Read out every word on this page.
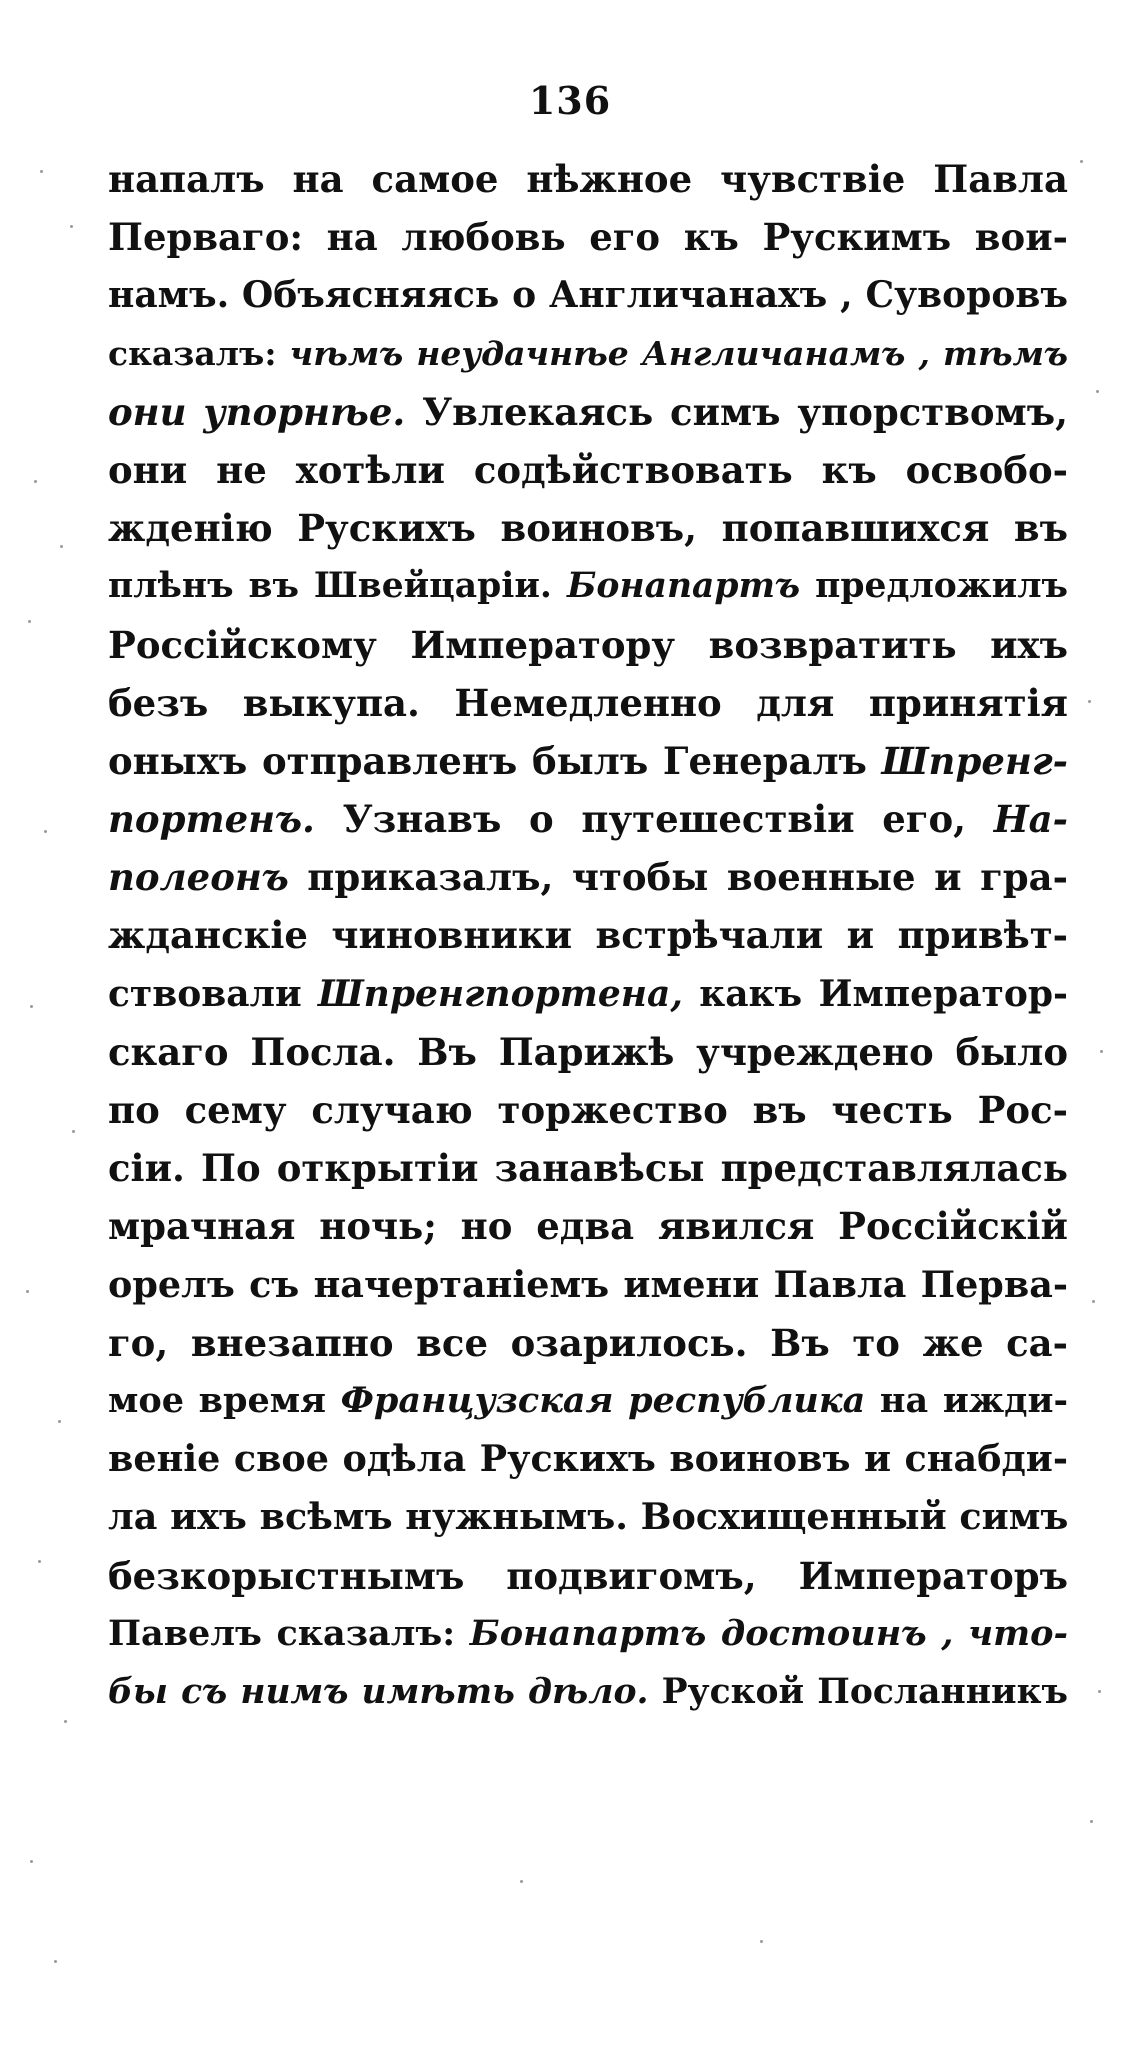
136
напалъ на самое нѣжное чувствіе Павла
Перваго: на любовь его къ Рускимъ вои-
намъ. Объясняясь о Англичанахъ , Суворовъ
сказалъ: чѣмъ неудачнѣе Англичанамъ , тѣмъ
они упорнѣе. Увлекаясь симъ упорствомъ,
они не хотѣли содѣйствовать къ освобо-
жденію Рускихъ воиновъ, попавшихся въ
плѣнъ въ Швейцаріи. Бонапартъ предложилъ
Россійскому Императору возвратить ихъ
безъ выкупа. Немедленно для принятія
оныхъ отправленъ былъ Генералъ Шпренг-
портенъ. Узнавъ о путешествіи его, На-
полеонъ приказалъ, чтобы военные и гра-
жданскіе чиновники встрѣчали и привѣт-
ствовали Шпренгпортена, какъ Император-
скаго Посла. Въ Парижѣ учреждено было
по сему случаю торжество въ честь Рос-
сіи. По открытіи занавѣсы представлялась
мрачная ночь; но едва явился Россійскій
орелъ съ начертаніемъ имени Павла Перва-
го, внезапно все озарилось. Въ то же са-
мое время Французская республика на ижди-
веніе свое одѣла Рускихъ воиновъ и снабди-
ла ихъ всѣмъ нужнымъ. Восхищенный симъ
безкорыстнымъ подвигомъ, Императоръ
Павелъ сказалъ: Бонапартъ достоинъ , что-
бы съ нимъ имѣть дѣло. Руской Посланникъ
